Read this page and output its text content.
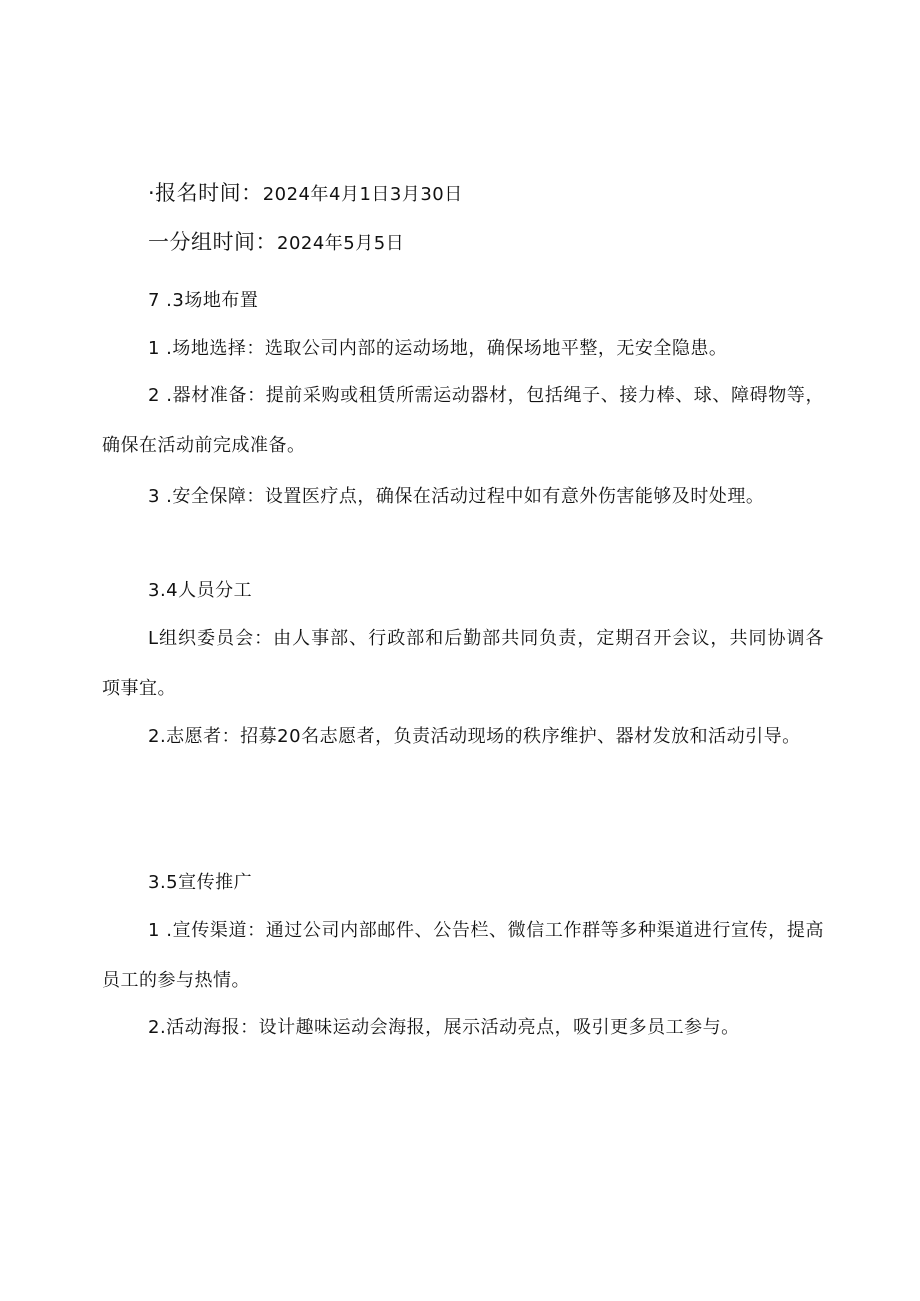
·报名时间：2024年4月1日3月30日
一分组时间：2024年5月5日
7 .3场地布置
1 .场地选择：选取公司内部的运动场地，确保场地平整，无安全隐患。
2 .器材准备：提前采购或租赁所需运动器材，包括绳子、接力棒、球、障碍物等，确保在活动前完成准备。
3 .安全保障：设置医疗点，确保在活动过程中如有意外伤害能够及时处理。
3.4人员分工
L组织委员会：由人事部、行政部和后勤部共同负责，定期召开会议，共同协调各项事宜。
2.志愿者：招募20名志愿者，负责活动现场的秩序维护、器材发放和活动引导。
3.5宣传推广
1 .宣传渠道：通过公司内部邮件、公告栏、微信工作群等多种渠道进行宣传，提高员工的参与热情。
2.活动海报：设计趣味运动会海报，展示活动亮点，吸引更多员工参与。
